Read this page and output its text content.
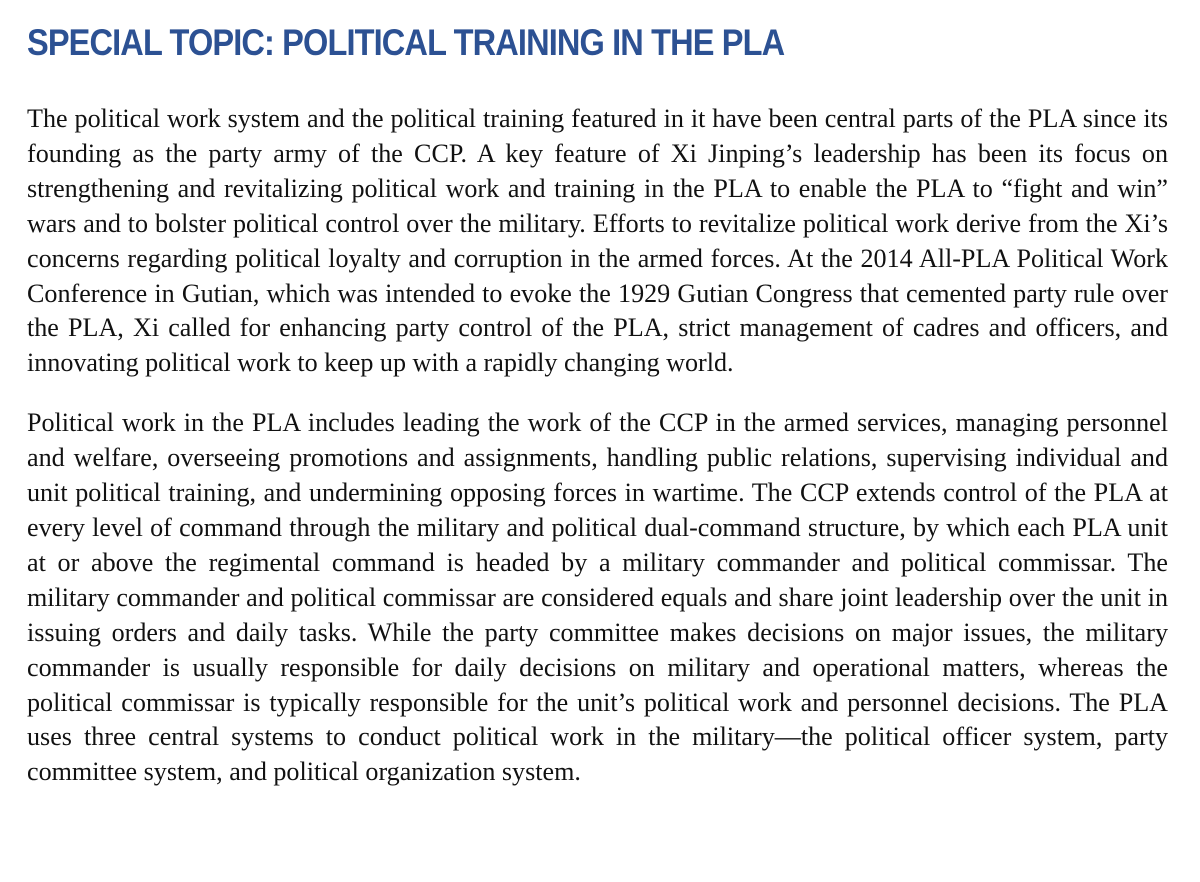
SPECIAL TOPIC: POLITICAL TRAINING IN THE PLA

The political work system and the political training featured in it have been central parts of the PLA since its founding as the party army of the CCP. A key feature of Xi Jinping’s leadership has been its focus on strengthening and revitalizing political work and training in the PLA to enable the PLA to “fight and win” wars and to bolster political control over the military. Efforts to revitalize political work derive from the Xi’s concerns regarding political loyalty and corruption in the armed forces. At the 2014 All-PLA Political Work Conference in Gutian, which was intended to evoke the 1929 Gutian Congress that cemented party rule over the PLA, Xi called for enhancing party control of the PLA, strict management of cadres and officers, and innovating political work to keep up with a rapidly changing world.

Political work in the PLA includes leading the work of the CCP in the armed services, managing personnel and welfare, overseeing promotions and assignments, handling public relations, supervising individual and unit political training, and undermining opposing forces in wartime. The CCP extends control of the PLA at every level of command through the military and political dual-command structure, by which each PLA unit at or above the regimental command is headed by a military commander and political commissar. The military commander and political commissar are considered equals and share joint leadership over the unit in issuing orders and daily tasks. While the party committee makes decisions on major issues, the military commander is usually responsible for daily decisions on military and operational matters, whereas the political commissar is typically responsible for the unit’s political work and personnel decisions. The PLA uses three central systems to conduct political work in the military—the political officer system, party committee system, and political organization system.
